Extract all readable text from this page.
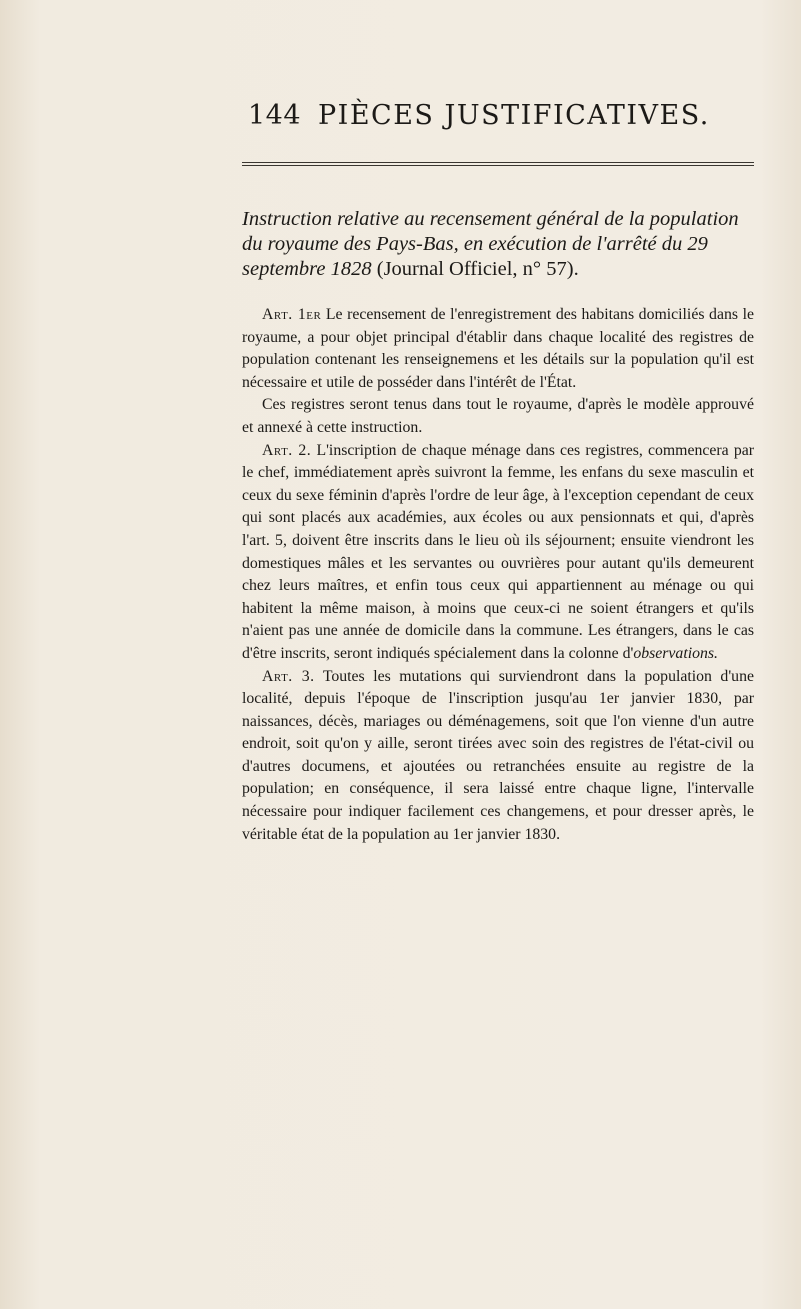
144 PIÈCES JUSTIFICATIVES.
Instruction relative au recensement général de la population du royaume des Pays-Bas, en exécution de l'arrêté du 29 septembre 1828 (Journal Officiel, n° 57).

Art. 1er Le recensement de l'enregistrement des habitans domiciliés dans le royaume, a pour objet principal d'établir dans chaque localité des registres de population contenant les renseignemens et les détails sur la population qu'il est nécessaire et utile de posséder dans l'intérêt de l'État.

Ces registres seront tenus dans tout le royaume, d'après le modèle approuvé et annexé à cette instruction.

Art. 2. L'inscription de chaque ménage dans ces registres, commencera par le chef, immédiatement après suivront la femme, les enfans du sexe masculin et ceux du sexe féminin d'après l'ordre de leur âge, à l'exception cependant de ceux qui sont placés aux académies, aux écoles ou aux pensionnats et qui, d'après l'art. 5, doivent être inscrits dans le lieu où ils séjournent; ensuite viendront les domestiques mâles et les servantes ou ouvrières pour autant qu'ils demeurent chez leurs maîtres, et enfin tous ceux qui appartiennent au ménage ou qui habitent la même maison, à moins que ceux-ci ne soient étrangers et qu'ils n'aient pas une année de domicile dans la commune. Les étrangers, dans le cas d'être inscrits, seront indiqués spécialement dans la colonne d'observations.

Art. 3. Toutes les mutations qui surviendront dans la population d'une localité, depuis l'époque de l'inscription jusqu'au 1er janvier 1830, par naissances, décès, mariages ou déménagemens, soit que l'on vienne d'un autre endroit, soit qu'on y aille, seront tirées avec soin des registres de l'état-civil ou d'autres documens, et ajoutées ou retranchées ensuite au registre de la population; en conséquence, il sera laissé entre chaque ligne, l'intervalle nécessaire pour indiquer facilement ces changemens, et pour dresser après, le véritable état de la population au 1er janvier 1830.
